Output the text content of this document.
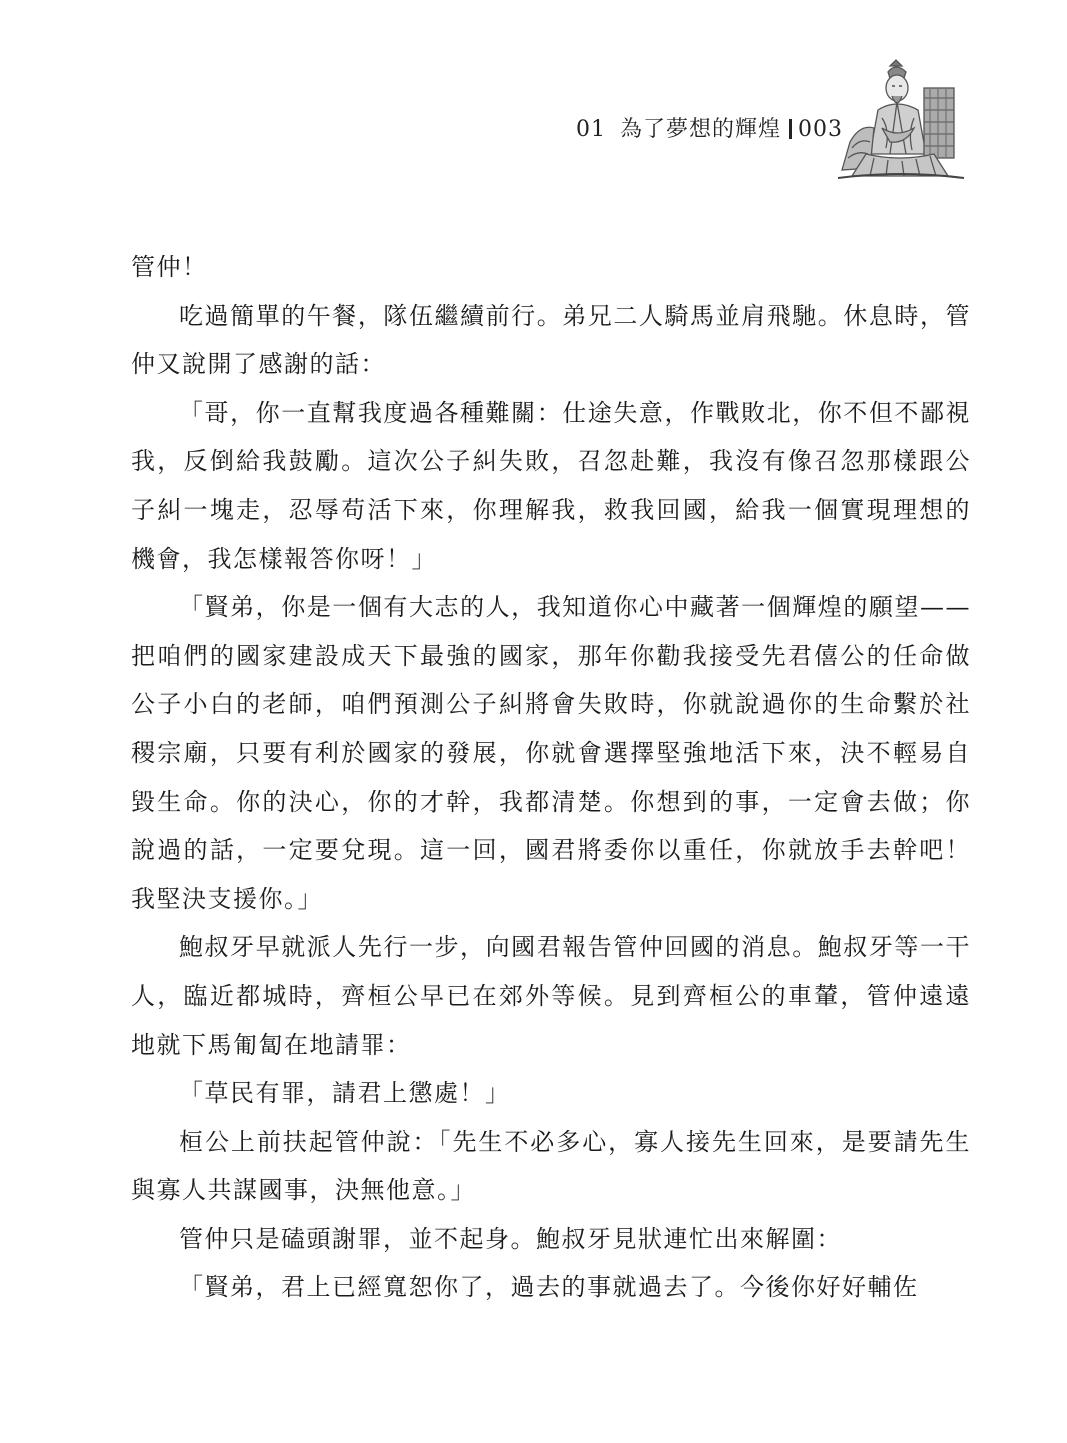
01 為了夢想的輝煌 003

管仲！

吃過簡單的午餐，隊伍繼續前行。弟兄二人騎馬並肩飛馳。休息時，管仲又說開了感謝的話：

「哥，你一直幫我度過各種難關：仕途失意，作戰敗北，你不但不鄙視我，反倒給我鼓勵。這次公子糾失敗，召忽赴難，我沒有像召忽那樣跟公子糾一塊走，忍辱苟活下來，你理解我，救我回國，給我一個實現理想的機會，我怎樣報答你呀！」

「賢弟，你是一個有大志的人，我知道你心中藏著一個輝煌的願望——把咱們的國家建設成天下最強的國家，那年你勸我接受先君僖公的任命做公子小白的老師，咱們預測公子糾將會失敗時，你就說過你的生命繫於社稷宗廟，只要有利於國家的發展，你就會選擇堅強地活下來，決不輕易自毀生命。你的決心，你的才幹，我都清楚。你想到的事，一定會去做；你說過的話，一定要兌現。這一回，國君將委你以重任，你就放手去幹吧！我堅決支援你。」

鮑叔牙早就派人先行一步，向國君報告管仲回國的消息。鮑叔牙等一干人，臨近都城時，齊桓公早已在郊外等候。見到齊桓公的車輦，管仲遠遠地就下馬匍匐在地請罪：

「草民有罪，請君上懲處！」

桓公上前扶起管仲說：「先生不必多心，寡人接先生回來，是要請先生與寡人共謀國事，決無他意。」

管仲只是磕頭謝罪，並不起身。鮑叔牙見狀連忙出來解圍：

「賢弟，君上已經寬恕你了，過去的事就過去了。今後你好好輔佐
